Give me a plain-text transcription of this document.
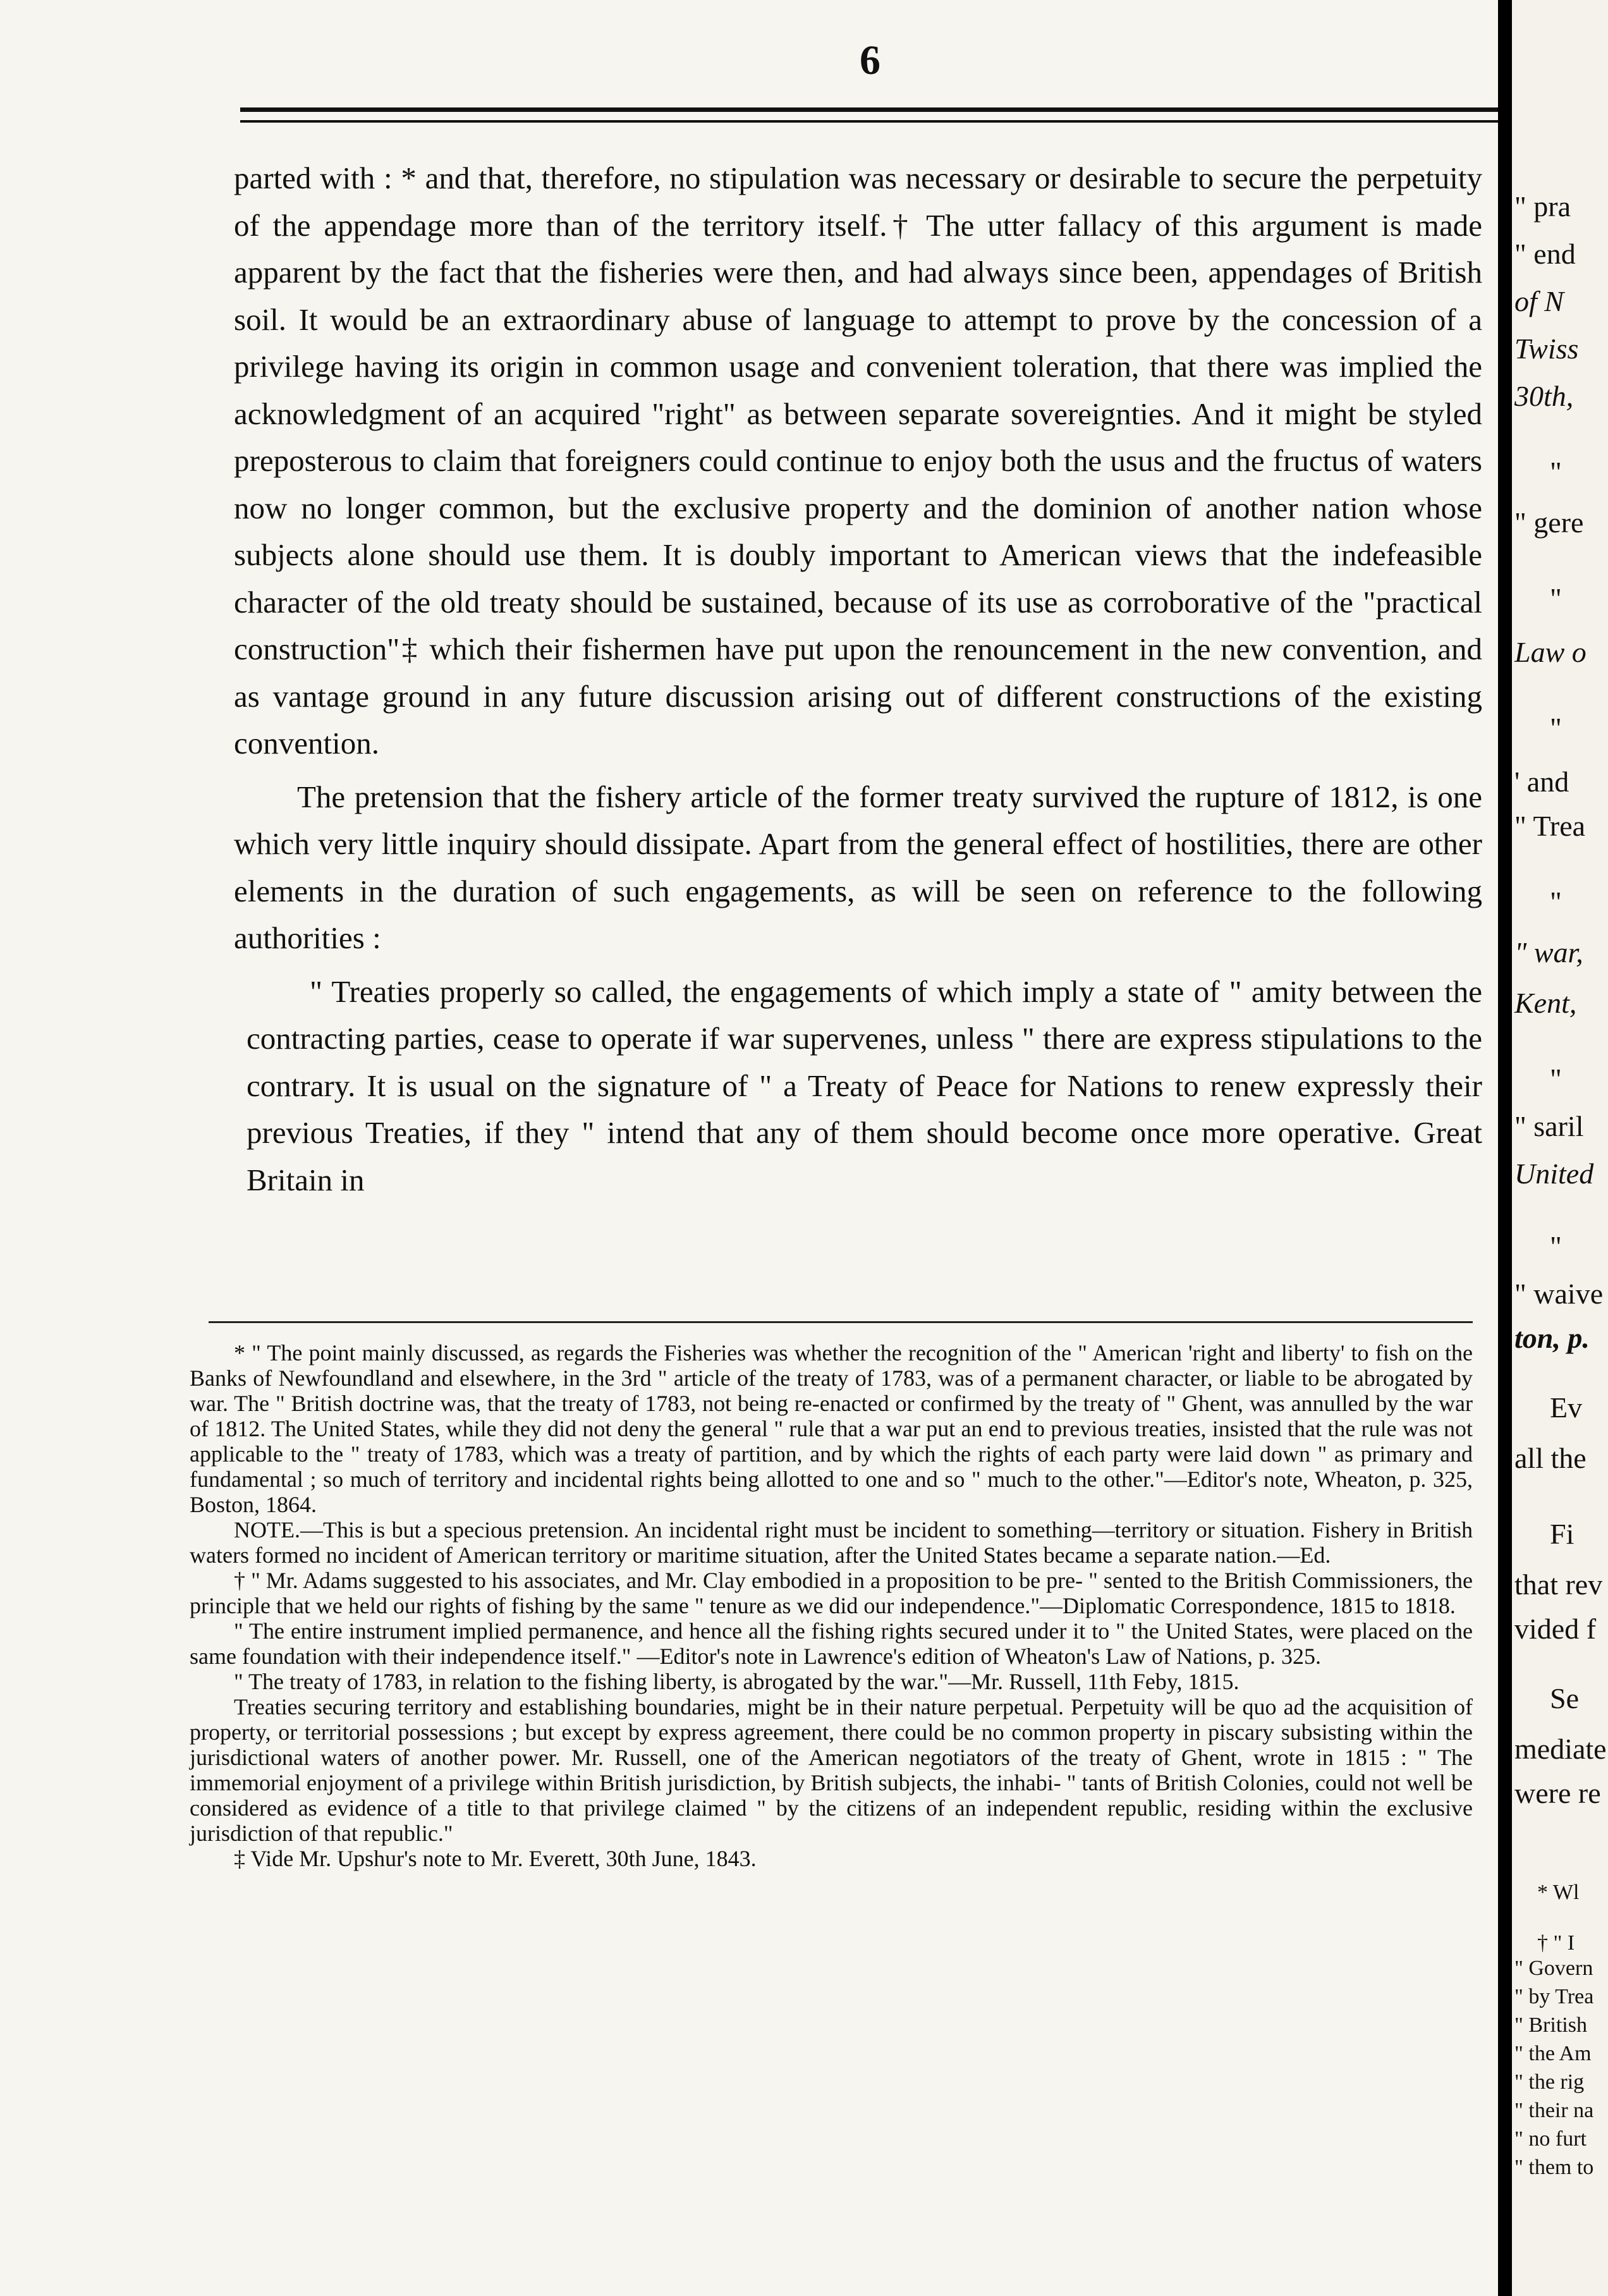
6

parted with : * and that, therefore, no stipulation was necessary or desirable to secure the perpetuity of the appendage more than of the territory itself.† The utter fallacy of this argument is made apparent by the fact that the fisheries were then, and had always since been, appendages of British soil. It would be an extraordinary abuse of language to attempt to prove by the concession of a privilege having its origin in common usage and convenient toleration, that there was implied the acknowledgment of an acquired "right" as between separate sovereignties. And it might be styled preposterous to claim that foreigners could continue to enjoy both the usus and the fructus of waters now no longer common, but the exclusive property and the dominion of another nation whose subjects alone should use them. It is doubly important to American views that the indefeasible character of the old treaty should be sustained, because of its use as corroborative of the "practical construction"‡ which their fishermen have put upon the renouncement in the new convention, and as vantage ground in any future discussion arising out of different constructions of the existing convention.

The pretension that the fishery article of the former treaty survived the rupture of 1812, is one which very little inquiry should dissipate. Apart from the general effect of hostilities, there are other elements in the duration of such engagements, as will be seen on reference to the following authorities :

" Treaties properly so called, the engagements of which imply a state of " amity between the contracting parties, cease to operate if war supervenes, unless " there are express stipulations to the contrary. It is usual on the signature of " a Treaty of Peace for Nations to renew expressly their previous Treaties, if they " intend that any of them should become once more operative. Great Britain in

* " The point mainly discussed, as regards the Fisheries was whether the recognition of the " American 'right and liberty' to fish on the Banks of Newfoundland and elsewhere, in the 3rd " article of the treaty of 1783, was of a permanent character, or liable to be abrogated by war. The " British doctrine was, that the treaty of 1783, not being re-enacted or confirmed by the treaty of " Ghent, was annulled by the war of 1812. The United States, while they did not deny the general " rule that a war put an end to previous treaties, insisted that the rule was not applicable to the " treaty of 1783, which was a treaty of partition, and by which the rights of each party were laid down " as primary and fundamental ; so much of territory and incidental rights being allotted to one and so " much to the other."—Editor's note, Wheaton, p. 325, Boston, 1864.

NOTE.—This is but a specious pretension. An incidental right must be incident to something—territory or situation. Fishery in British waters formed no incident of American territory or maritime situation, after the United States became a separate nation.—Ed.

† " Mr. Adams suggested to his associates, and Mr. Clay embodied in a proposition to be pre- " sented to the British Commissioners, the principle that we held our rights of fishing by the same " tenure as we did our independence."—Diplomatic Correspondence, 1815 to 1818.

" The entire instrument implied permanence, and hence all the fishing rights secured under it to " the United States, were placed on the same foundation with their independence itself." —Editor's note in Lawrence's edition of Wheaton's Law of Nations, p. 325.

" The treaty of 1783, in relation to the fishing liberty, is abrogated by the war."—Mr. Russell, 11th Feby, 1815.

Treaties securing territory and establishing boundaries, might be in their nature perpetual. Perpetuity will be quo ad the acquisition of property, or territorial possessions ; but except by express agreement, there could be no common property in piscary subsisting within the jurisdictional waters of another power. Mr. Russell, one of the American negotiators of the treaty of Ghent, wrote in 1815 : " The immemorial enjoyment of a privilege within British jurisdiction, by British subjects, the inhabi- " tants of British Colonies, could not well be considered as evidence of a title to that privilege claimed " by the citizens of an independent republic, residing within the exclusive jurisdiction of that republic."

‡ Vide Mr. Upshur's note to Mr. Everett, 30th June, 1843.

" pra
" end
of N
Twiss
30th,
"
" gere
"
Law o
"
' and
" Trea
"
" war,
Kent,
"
" saril
United
"
" waive
ton, p.
Ev
all the
Fi
that rev
vided f
Se
mediate
were re
* Wl
† " I
" Govern
" by Trea
" British
" the Am
" the rig
" their na
" no furt
" them to
